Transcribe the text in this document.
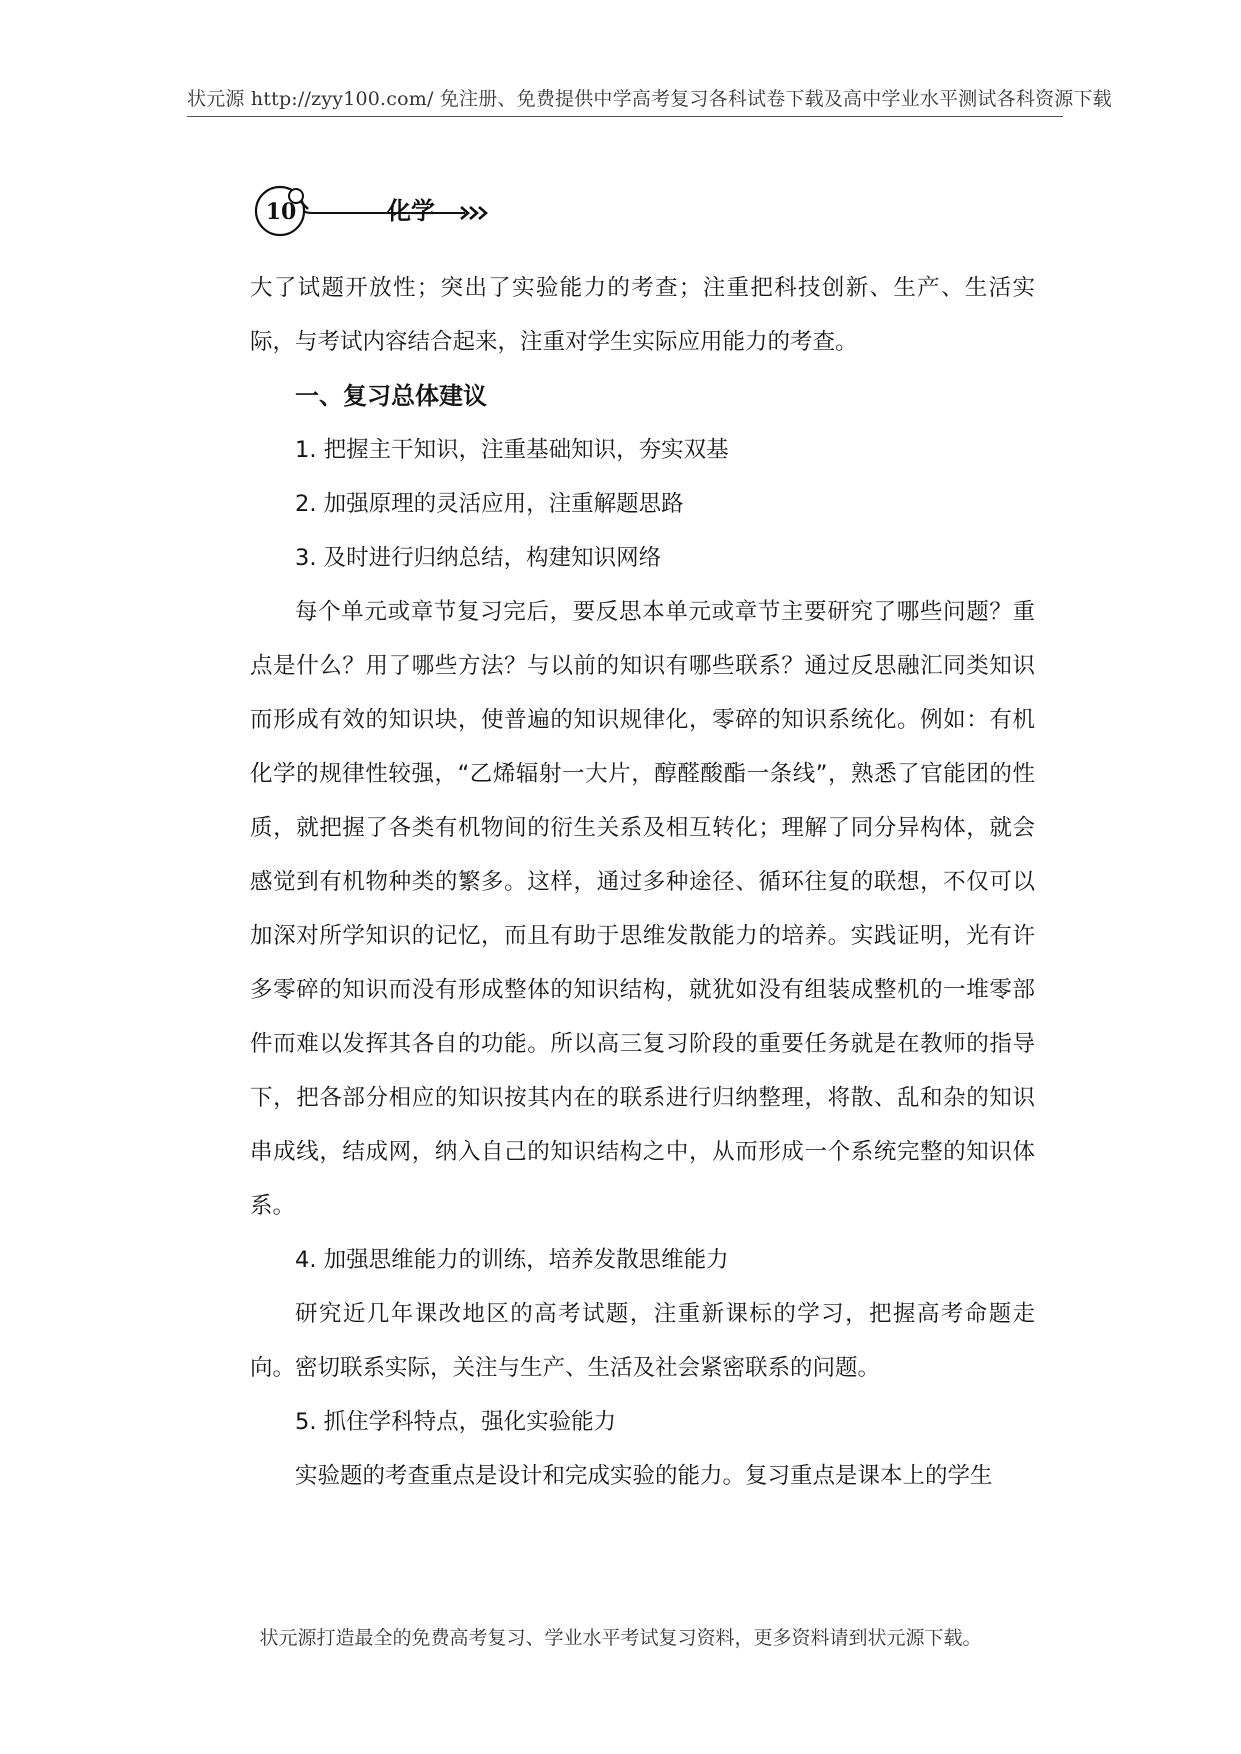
状元源 http://zyy100.com/ 免注册、免费提供中学高考复习各科试卷下载及高中学业水平测试各科资源下载
10	化学

大了试题开放性；突出了实验能力的考查；注重把科技创新、生产、生活实际，与考试内容结合起来，注重对学生实际应用能力的考查。

一、复习总体建议

1. 把握主干知识，注重基础知识，夯实双基

2. 加强原理的灵活应用，注重解题思路

3. 及时进行归纳总结，构建知识网络

每个单元或章节复习完后，要反思本单元或章节主要研究了哪些问题？重点是什么？用了哪些方法？与以前的知识有哪些联系？通过反思融汇同类知识而形成有效的知识块，使普遍的知识规律化，零碎的知识系统化。例如：有机化学的规律性较强，“乙烯辐射一大片，醇醛酸酯一条线”，熟悉了官能团的性质，就把握了各类有机物间的衍生关系及相互转化；理解了同分异构体，就会感觉到有机物种类的繁多。这样，通过多种途径、循环往复的联想，不仅可以加深对所学知识的记忆，而且有助于思维发散能力的培养。实践证明，光有许多零碎的知识而没有形成整体的知识结构，就犹如没有组装成整机的一堆零部件而难以发挥其各自的功能。所以高三复习阶段的重要任务就是在教师的指导下，把各部分相应的知识按其内在的联系进行归纳整理，将散、乱和杂的知识串成线，结成网，纳入自己的知识结构之中，从而形成一个系统完整的知识体系。

4. 加强思维能力的训练，培养发散思维能力

研究近几年课改地区的高考试题，注重新课标的学习，把握高考命题走向。密切联系实际，关注与生产、生活及社会紧密联系的问题。

5. 抓住学科特点，强化实验能力

实验题的考查重点是设计和完成实验的能力。复习重点是课本上的学生

状元源打造最全的免费高考复习、学业水平考试复习资料，更多资料请到状元源下载。
